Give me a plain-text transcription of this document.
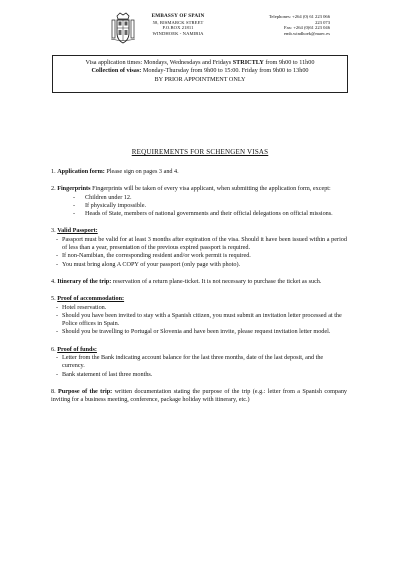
EMBASSY OF SPAIN
58, BISMARCK STREET
P.O.BOX 21811
WINDHOEK - NAMIBIA
Telephones: +264 (0) 61 223 066
223 073
Fax: +264 (0)61 223 046
emb.windhoek@maec.es
Visa application times: Mondays, Wednesdays and Fridays STRICTLY from 9h00 to 11h00
Collection of visas: Monday-Thursday from 9h00 to 15:00. Friday from 9h00 to 13h00
BY PRIOR APPOINTMENT ONLY
REQUIREMENTS FOR SCHENGEN VISAS

1. Application form: Please sign on pages 3 and 4.

2. Fingerprints Fingerprints will be taken of every visa applicant, when submitting the application form, except:

- Children under 12.
- If physically impossible.
- Heads of State, members of national governments and their official delegations on official missions.

3. Valid Passport:

- Passport must be valid for at least 3 months after expiration of the visa. Should it have been issued within a period of less than a year, presentation of the previous expired passport is required.
- If non-Namibian, the corresponding resident and/or work permit is required.
- You must bring along A COPY of your passport (only page with photo).

4. Itinerary of the trip: reservation of a return plane-ticket. It is not necessary to purchase the ticket as such.

5. Proof of accommodation:

- Hotel reservation.
- Should you have been invited to stay with a Spanish citizen, you must submit an invitation letter processed at the Police offices in Spain.
- Should you be travelling to Portugal or Slovenia and have been invite, please request invitation letter model.

6. Proof of funds:

- Letter from the Bank indicating account balance for the last three months, date of the last deposit, and the currency.
- Bank statement of last three months.

8. Purpose of the trip: written documentation stating the purpose of the trip (e.g.: letter from a Spanish company inviting for a business meeting, conference, package holiday with itinerary, etc.)
